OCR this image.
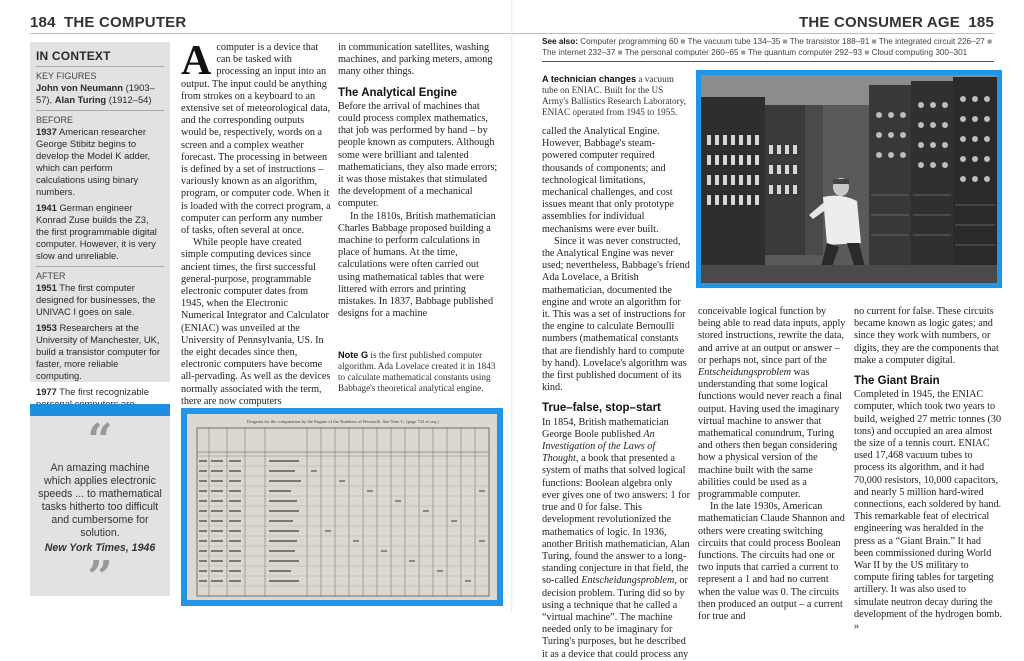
184 THE COMPUTER
IN CONTEXT
KEY FIGURES

John von Neumann (1903–57), Alan Turing (1912–54)

BEFORE

1937 American researcher George Stibitz begins to develop the Model K adder, which can perform calculations using binary numbers.

1941 German engineer Konrad Zuse builds the Z3, the first programmable digital computer. However, it is very slow and unreliable.

AFTER

1951 The first computer designed for businesses, the UNIVAC I goes on sale.

1953 Researchers at the University of Manchester, UK, build a transistor computer for faster, more reliable computing.

1977 The first recognizable

“
An amazing machine which applies electronic speeds ... to mathematical tasks hitherto too difficult and cumbersome for solution.
New York Times, 1946
”

Acomputer is a device that can be tasked with processing an input into an output. The input could be anything from strokes on a keyboard to an extensive set of meteorological data, and the corresponding outputs would be, respectively, words on a screen and a complex weather forecast. The processing in between is defined by a set of instructions – variously known as an algorithm, program, or computer code. When it is loaded with the correct program, a computer can perform any number of tasks, often several at once.

While people have created simple computing devices since ancient times, the first successful general-purpose, programmable electronic computer dates from 1945, when the Electronic Numerical Integrator and Calculator (ENIAC) was unveiled at the University of Pennsylvania, US. In the eight decades since then, electronic computers have become all-pervading. As well as the devices normally associated with the term, there are now computers

in communication satellites, washing machines, and parking meters, among many other things.

The Analytical Engine

Before the arrival of machines that could process complex mathematics, that job was performed by hand – by people known as computers. Although some were brilliant and talented mathematicians, they also made errors; it was those mistakes that stimulated the development of a mechanical computer.

In the 1810s, British mathematician Charles Babbage proposed building a machine to perform calculations in place of humans. At the time, calculations were often carried out using mathematical tables that were littered with errors and printing mistakes. In 1837, Babbage published designs for a machine

Note G is the first published computer algorithm. Ada Lovelace created it in 1843 to calculate mathematical constants using Babbage's theoretical analytical engine.
Diagram for the computation by the Engine of the Numbers of Bernoulli. See Note G. (page 722 et seq.)
THE CONSUMER AGE 185
See also: Computer programming 60 ■ The vacuum tube 134–35 ■ The transistor 188–91 ■ The integrated circuit 226–27 ■ The internet 232–37 ■ The personal computer 260–65 ■ The quantum computer 292–93 ■ Cloud computing 300–301
A technician changes a vacuum tube on ENIAC. Built for the US Army's Ballistics Research Laboratory, ENIAC operated from 1945 to 1955.

called the Analytical Engine. However, Babbage's steam-powered computer required thousands of components; and technological limitations, mechanical challenges, and cost issues meant that only prototype assemblies for individual mechanisms were ever built.

Since it was never constructed, the Analytical Engine was never used; nevertheless, Babbage's friend Ada Lovelace, a British mathematician, documented the engine and wrote an algorithm for it. This was a set of instructions for the engine to calculate Bernoulli numbers (mathematical constants that are fiendishly hard to compute by hand). Lovelace's algorithm was the first published document of its kind.

True–false, stop–start

In 1854, British mathematician George Boole published An Investigation of the Laws of Thought, a book that presented a system of maths that solved logical functions: Boolean algebra only ever gives one of two answers: 1 for true and 0 for false. This development revolutionized the mathematics of logic. In 1936, another British mathematician, Alan Turing, found the answer to a long-standing conjecture in that field, the so-called Entscheidungsproblem, or decision problem. Turing did so by using a technique that he called a “virtual machine”. The machine needed only to be imaginary for Turing's purposes, but he described it as a device that could process any

conceivable logical function by being able to read data inputs, apply stored instructions, rewrite the data, and arrive at an output or answer – or perhaps not, since part of the Entscheidungsproblem was understanding that some logical functions would never reach a final output. Having used the imaginary virtual machine to answer that mathematical conundrum, Turing and others then began considering how a physical version of the machine built with the same abilities could be used as a programmable computer.

In the late 1930s, American mathematician Claude Shannon and others were creating switching circuits that could process Boolean functions. The circuits had one or two inputs that carried a current to represent a 1 and had no current when the value was 0. The circuits then produced an output – a current for true and

no current for false. These circuits became known as logic gates; and since they work with numbers, or digits, they are the components that make a computer digital.

The Giant Brain

Completed in 1945, the ENIAC computer, which took two years to build, weighed 27 metric tonnes (30 tons) and occupied an area almost the size of a tennis court. ENIAC used 17,468 vacuum tubes to process its algorithm, and it had 70,000 resistors, 10,000 capacitors, and nearly 5 million hard-wired connections, each soldered by hand. This remarkable feat of electrical engineering was heralded in the press as a “Giant Brain.” It had been commissioned during World War II by the US military to compute firing tables for targeting artillery. It was also used to simulate neutron decay during the development of the hydrogen bomb. »
